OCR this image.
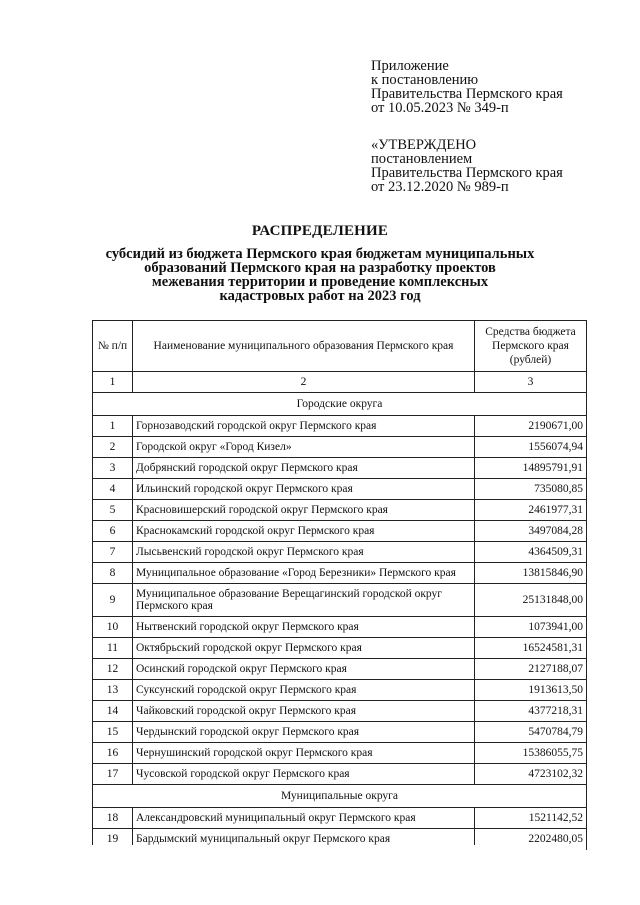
Приложение
к постановлению
Правительства Пермского края
от 10.05.2023 № 349-п
«УТВЕРЖДЕНО
постановлением
Правительства Пермского края
от 23.12.2020 № 989-п
РАСПРЕДЕЛЕНИЕ
субсидий из бюджета Пермского края бюджетам муниципальных
образований Пермского края на разработку проектов
межевания территории и проведение комплексных
кадастровых работ на 2023 год
№ п/п	Наименование муниципального образования Пермского края	Средства бюджета Пермского края (рублей)
1	2	3
Городские округа		
1	Горнозаводский городской округ Пермского края	2190671,00
2	Городской округ «Город Кизел»	1556074,94
3	Добрянский городской округ Пермского края	14895791,91
4	Ильинский городской округ Пермского края	735080,85
5	Красновишерский городской округ Пермского края	2461977,31
6	Краснокамский городской округ Пермского края	3497084,28
7	Лысьвенский городской округ Пермского края	4364509,31
8	Муниципальное образование «Город Березники» Пермского края	13815846,90
9	Муниципальное образование Верещагинский городской округ Пермского края	25131848,00
10	Нытвенский городской округ Пермского края	1073941,00
11	Октябрьский городской округ Пермского края	16524581,31
12	Осинский городской округ Пермского края	2127188,07
13	Суксунский городской округ Пермского края	1913613,50
14	Чайковский городской округ Пермского края	4377218,31
15	Чердынский городской округ Пермского края	5470784,79
16	Чернушинский городской округ Пермского края	15386055,75
17	Чусовской городской округ Пермского края	4723102,32
Муниципальные округа		
18	Александровский муниципальный округ Пермского края	1521142,52
19	Бардымский муниципальный округ Пермского края	2202480,05
